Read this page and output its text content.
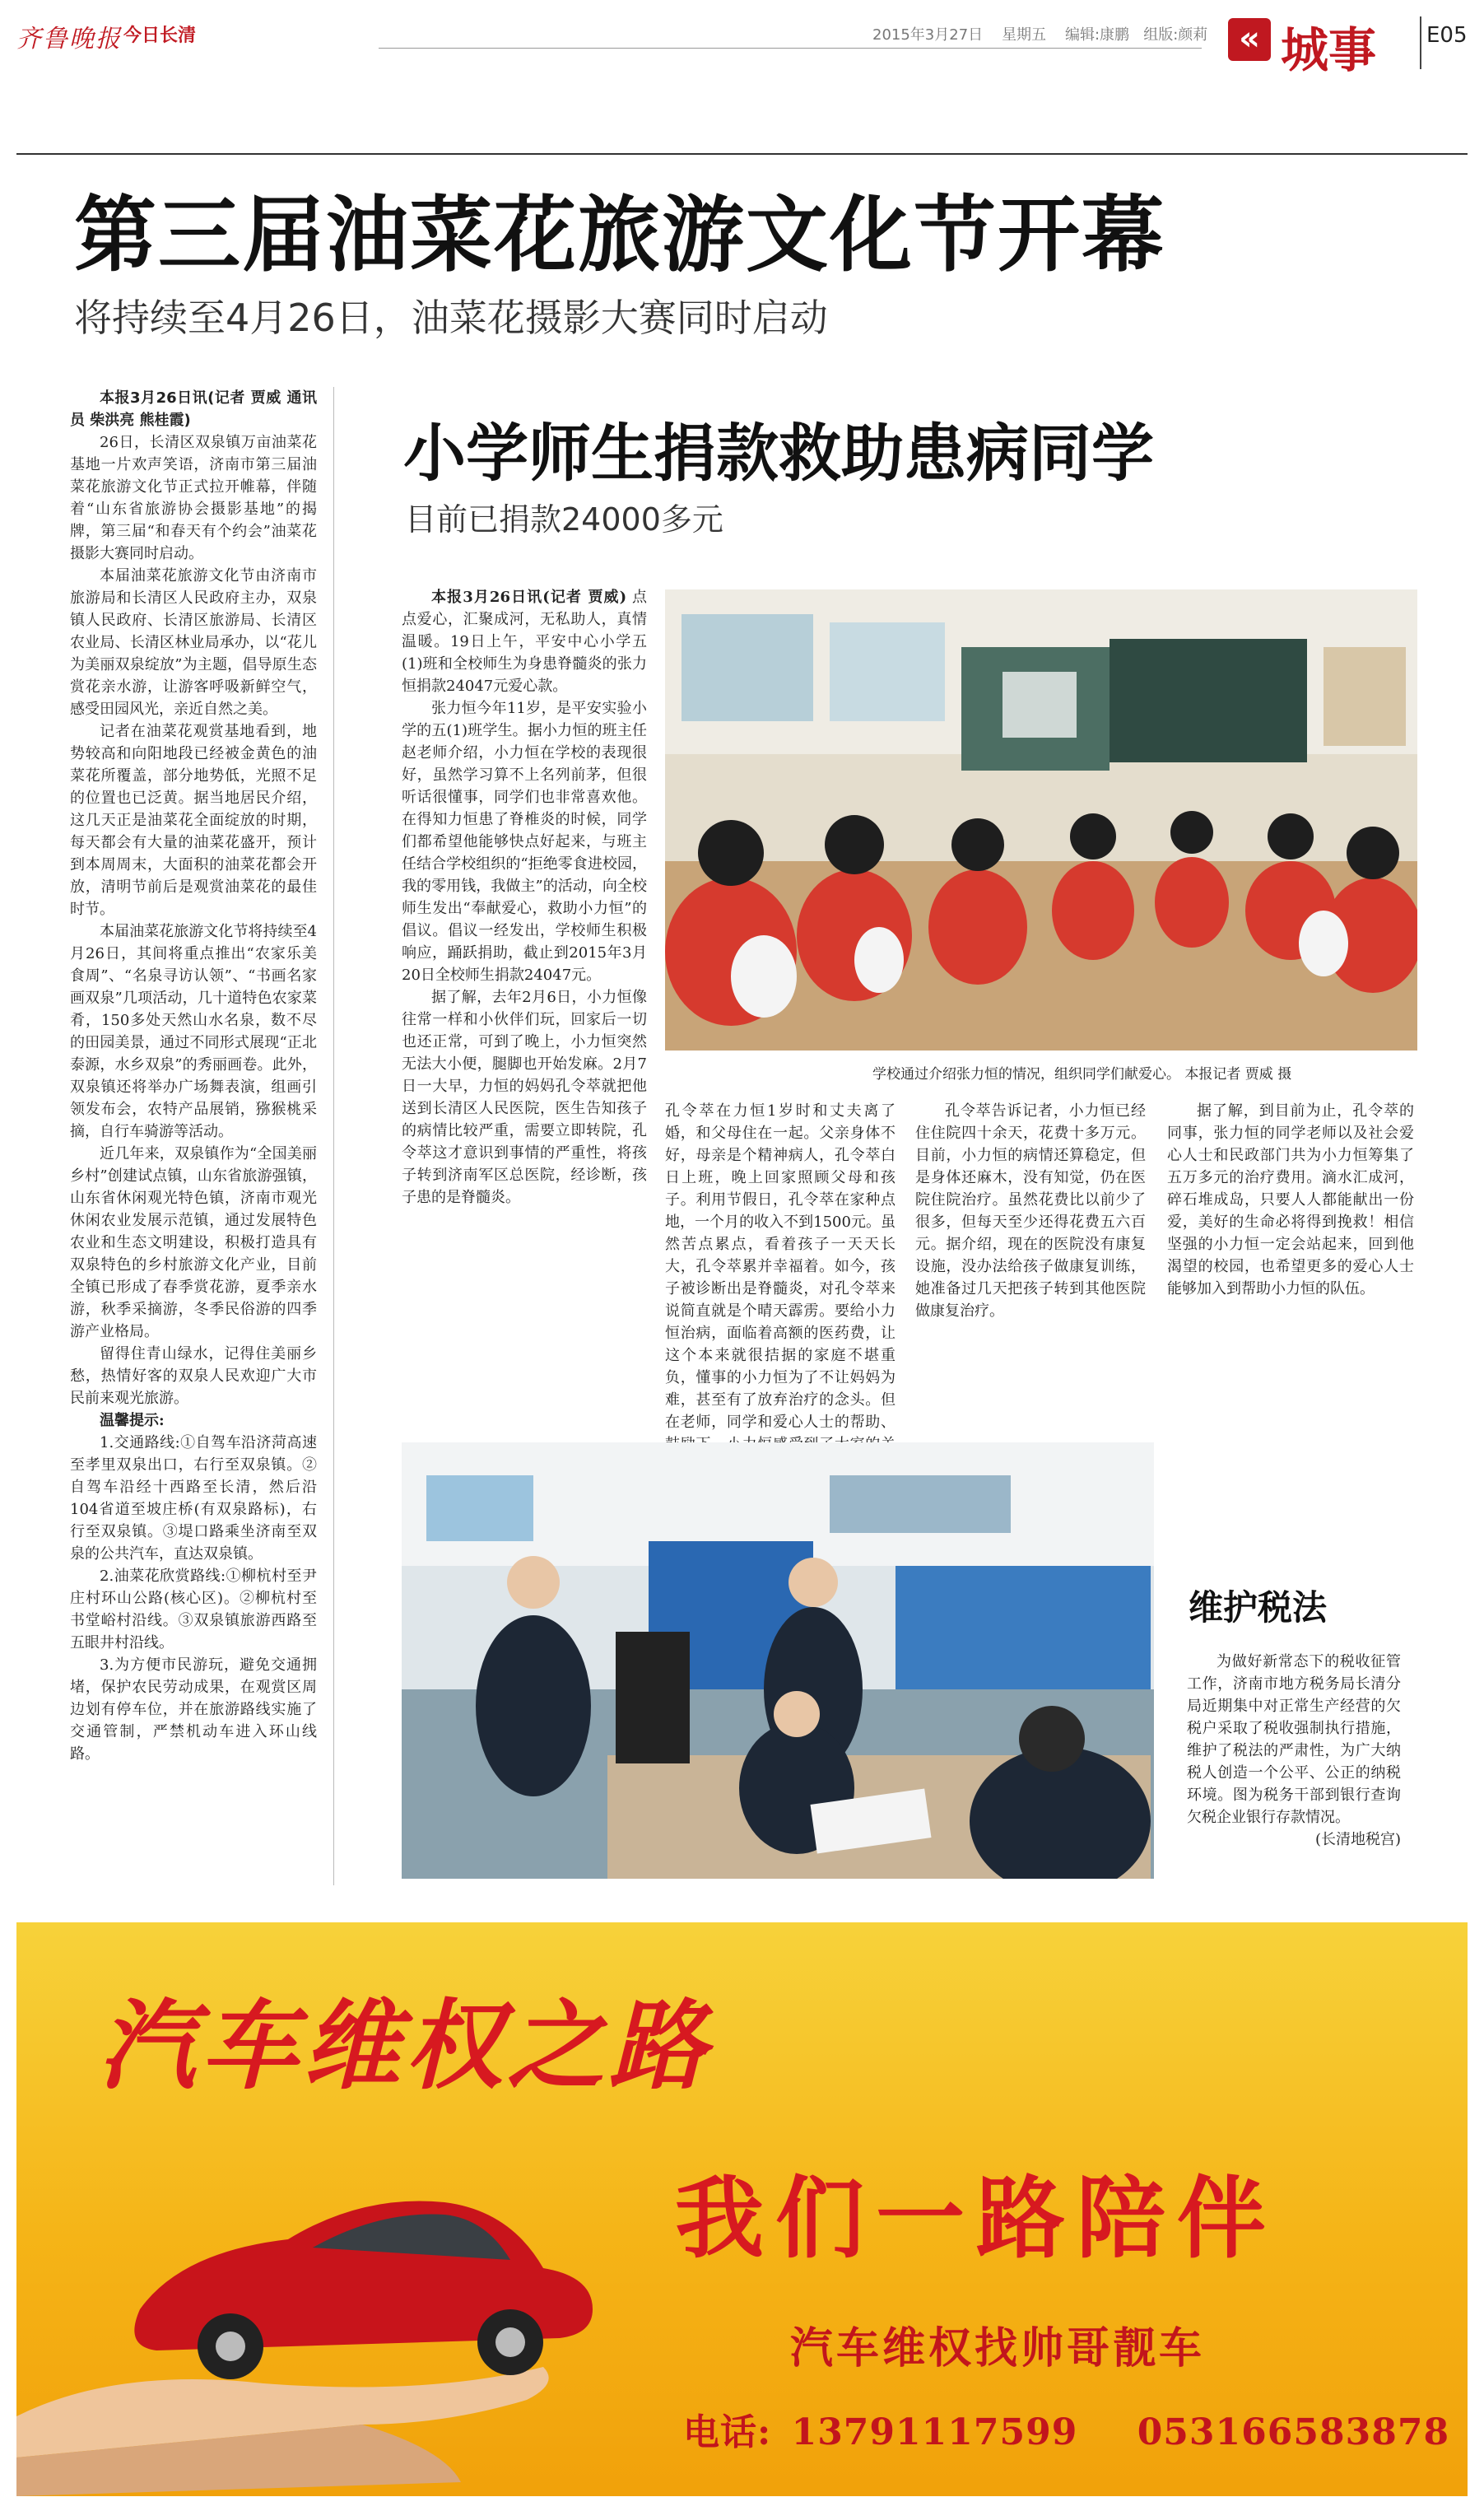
齐鲁晚报 今日长清	2015年3月27日 星期五 编辑:康鹏 组版:颜莉 « 城事 E05
第三届油菜花旅游文化节开幕
将持续至4月26日，油菜花摄影大赛同时启动
本报3月26日讯(记者 贾威 通讯员 柴洪亮 熊桂霞)

26日，长清区双泉镇万亩油菜花基地一片欢声笑语，济南市第三届油菜花旅游文化节正式拉开帷幕，伴随着“山东省旅游协会摄影基地”的揭牌，第三届“和春天有个约会”油菜花摄影大赛同时启动。

本届油菜花旅游文化节由济南市旅游局和长清区人民政府主办，双泉镇人民政府、长清区旅游局、长清区农业局、长清区林业局承办，以“花儿为美丽双泉绽放”为主题，倡导原生态赏花亲水游，让游客呼吸新鲜空气，感受田园风光，亲近自然之美。

记者在油菜花观赏基地看到，地势较高和向阳地段已经被金黄色的油菜花所覆盖，部分地势低，光照不足的位置也已泛黄。据当地居民介绍，这几天正是油菜花全面绽放的时期，每天都会有大量的油菜花盛开，预计到本周周末，大面积的油菜花都会开放，清明节前后是观赏油菜花的最佳时节。

本届油菜花旅游文化节将持续至4月26日，其间将重点推出“农家乐美食周”、“名泉寻访认领”、“书画名家画双泉”几项活动，几十道特色农家菜肴，150多处天然山水名泉，数不尽的田园美景，通过不同形式展现“正北泰源，水乡双泉”的秀丽画卷。此外，双泉镇还将举办广场舞表演，组画引领发布会，农特产品展销，猕猴桃采摘，自行车骑游等活动。

近几年来，双泉镇作为“全国美丽乡村”创建试点镇，山东省旅游强镇，山东省休闲观光特色镇，济南市观光休闲农业发展示范镇，通过发展特色农业和生态文明建设，积极打造具有双泉特色的乡村旅游文化产业，目前全镇已形成了春季赏花游，夏季亲水游，秋季采摘游，冬季民俗游的四季游产业格局。

留得住青山绿水，记得住美丽乡愁，热情好客的双泉人民欢迎广大市民前来观光旅游。

温馨提示:

1.交通路线:①自驾车沿济菏高速至孝里双泉出口，右行至双泉镇。②自驾车沿经十西路至长清，然后沿104省道至坡庄桥(有双泉路标)，右行至双泉镇。③堤口路乘坐济南至双泉的公共汽车，直达双泉镇。

2.油菜花欣赏路线:①柳杭村至尹庄村环山公路(核心区)。②柳杭村至书堂峪村沿线。③双泉镇旅游西路至五眼井村沿线。

3.为方便市民游玩，避免交通拥堵，保护农民劳动成果，在观赏区周边划有停车位，并在旅游路线实施了交通管制，严禁机动车进入环山线路。

小学师生捐款救助患病同学
目前已捐款24000多元

本报3月26日讯(记者 贾威) 点点爱心，汇聚成河，无私助人，真情温暖。19日上午，平安中心小学五(1)班和全校师生为身患脊髓炎的张力恒捐款24047元爱心款。

张力恒今年11岁，是平安实验小学的五(1)班学生。据小力恒的班主任赵老师介绍，小力恒在学校的表现很好，虽然学习算不上名列前茅，但很听话很懂事，同学们也非常喜欢他。在得知力恒患了脊椎炎的时候，同学们都希望他能够快点好起来，与班主任结合学校组织的“拒绝零食进校园，我的零用钱，我做主”的活动，向全校师生发出“奉献爱心，救助小力恒”的倡议。倡议一经发出，学校师生积极响应，踊跃捐助，截止到2015年3月20日全校师生捐款24047元。

据了解，去年2月6日，小力恒像往常一样和小伙伴们玩，回家后一切也还正常，可到了晚上，小力恒突然无法大小便，腿脚也开始发麻。2月7日一大早，力恒的妈妈孔令萃就把他送到长清区人民医院，医生告知孩子的病情比较严重，需要立即转院，孔令萃这才意识到事情的严重性，将孩子转到济南军区总医院，经诊断，孩子患的是脊髓炎。

学校通过介绍张力恒的情况，组织同学们献爱心。 本报记者 贾威 摄

孔令萃在力恒1岁时和丈夫离了婚，和父母住在一起。父亲身体不好，母亲是个精神病人，孔令萃白日上班，晚上回家照顾父母和孩子。利用节假日，孔令萃在家种点地，一个月的收入不到1500元。虽然苦点累点，看着孩子一天天长大，孔令萃累并幸福着。如今，孩子被诊断出是脊髓炎，对孔令萃来说简直就是个晴天霹雳。要给小力恒治病，面临着高额的医药费，让这个本来就很拮据的家庭不堪重负，懂事的小力恒为了不让妈妈为难，甚至有了放弃治疗的念头。但在老师，同学和爱心人士的帮助、

孔令萃告诉记者，小力恒已经住住院四十余天，花费十多万元。目前，小力恒的病情还算稳定，但是身体还麻木，没有知觉，仍在医院住院治疗。虽然花费比以前少了很多，但每天至少还得花费五六百元。据介绍，现在的医院没有康复设施，没办法给孩子做康复训练，她准备过几天把孩子转到其他医院做康复治疗。

据了解，到目前为止，孔令萃的同事，张力恒的同学老师以及社会爱心人士和民政部门共为小力恒筹集了五万多元的治疗费用。滴水汇成河，碎石堆成岛，只要人人都能献出一份爱，美好的生命必将得到挽救！相信坚强的小力恒一定会站起来，回到他渴望的校园，也希望更多的爱心人士能够加入到帮助小力恒的队伍。

维护税法

为做好新常态下的税收征管工作，济南市地方税务局长清分局近期集中对正常生产经营的欠税户采取了税收强制执行措施，维护了税法的严肃性，为广大纳税人创造一个公平、公正的纳税环境。图为税务干部到银行查询欠税企业银行存款情况。

(长清地税宫)
汽车维权之路
我们一路陪伴
汽车维权找帅哥靓车
电话: 13791117599 053166583878
